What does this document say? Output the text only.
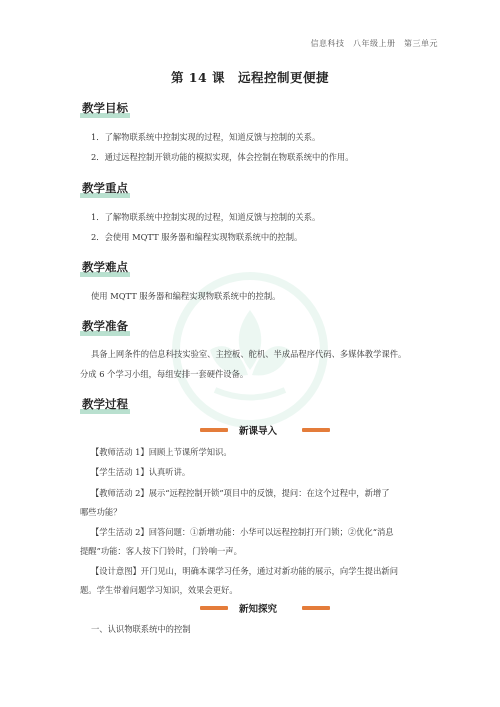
信息科技　八年级上册　第三单元
第 14 课　远程控制更便捷
教学目标
1．了解物联系统中控制实现的过程，知道反馈与控制的关系。
2．通过远程控制开锁功能的模拟实现，体会控制在物联系统中的作用。
教学重点
1．了解物联系统中控制实现的过程，知道反馈与控制的关系。
2．会使用 MQTT 服务器和编程实现物联系统中的控制。
教学难点
使用 MQTT 服务器和编程实现物联系统中的控制。
教学准备
具备上网条件的信息科技实验室、主控板、舵机、半成品程序代码、多媒体教学课件。
分成 6 个学习小组，每组安排一套硬件设备。
教学过程
新课导入
【教师活动 1】回顾上节课所学知识。
【学生活动 1】认真听讲。
【教师活动 2】展示“远程控制开锁”项目中的反馈，提问：在这个过程中，新增了
哪些功能？
【学生活动 2】回答问题：①新增功能：小华可以远程控制打开门锁；②优化“消息
提醒”功能：客人按下门铃时，门铃响一声。
【设计意图】开门见山，明确本课学习任务，通过对新功能的展示，向学生提出新问
题。学生带着问题学习知识，效果会更好。
新知探究
一、认识物联系统中的控制
